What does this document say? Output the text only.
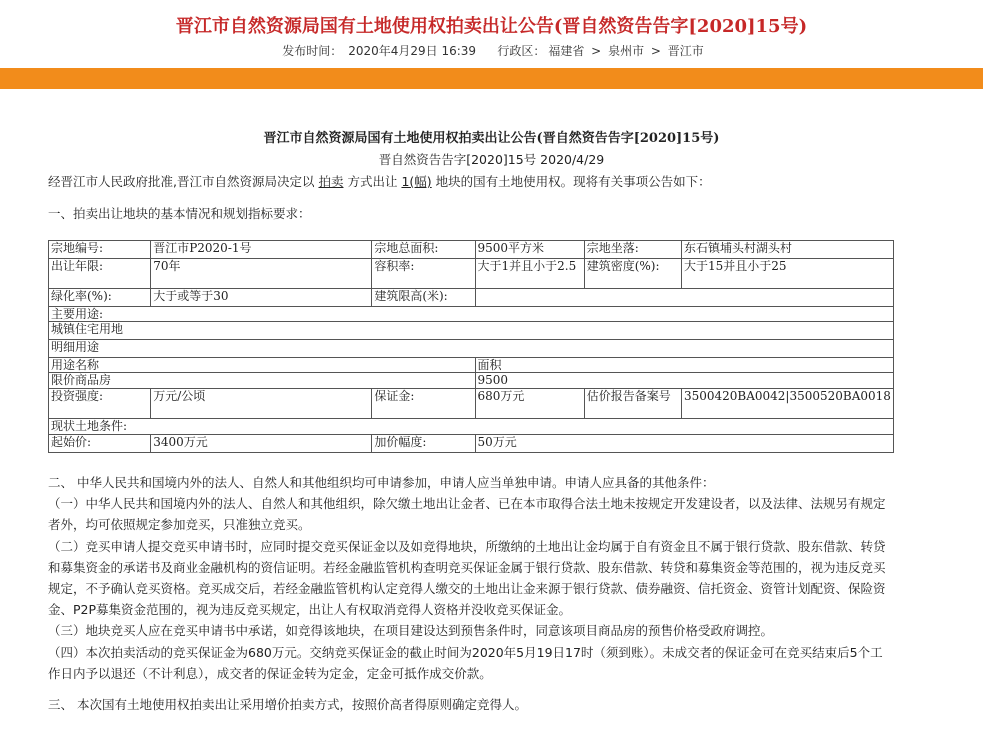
晋江市自然资源局国有土地使用权拍卖出让公告(晋自然资告告字[2020]15号)
发布时间： 2020年4月29日 16:39 行政区： 福建省 > 泉州市 > 晋江市
晋江市自然资源局国有土地使用权拍卖出让公告(晋自然资告告字[2020]15号)
晋自然资告告字[2020]15号 2020/4/29
经晋江市人民政府批准,晋江市自然资源局决定以 拍卖 方式出让 1(幅) 地块的国有土地使用权。现将有关事项公告如下：
一、拍卖出让地块的基本情况和规划指标要求：
宗地编号:	晋江市P2020-1号	宗地总面积:	9500平方米	宗地坐落:	东石镇埔头村湖头村
出让年限:	70年	容积率:	大于1并且小于2.5	建筑密度(%):	大于15并且小于25
绿化率(%):	大于或等于30	建筑限高(米):			
主要用途:					
城镇住宅用地					
明细用途					
用途名称			面积		
限价商品房			9500		
投资强度:	万元/公顷	保证金:	680万元	估价报告备案号	3500420BA0042|3500520BA0018
现状土地条件:					
起始价:	3400万元	加价幅度:	50万元		
二、 中华人民共和国境内外的法人、自然人和其他组织均可申请参加，申请人应当单独申请。申请人应具备的其他条件：
（一）中华人民共和国境内外的法人、自然人和其他组织，除欠缴土地出让金者、已在本市取得合法土地未按规定开发建设者，以及法律、法规另有规定者外，均可依照规定参加竞买，只准独立竞买。
（二）竞买申请人提交竞买申请书时，应同时提交竞买保证金以及如竞得地块，所缴纳的土地出让金均属于自有资金且不属于银行贷款、股东借款、转贷和募集资金的承诺书及商业金融机构的资信证明。若经金融监管机构查明竞买保证金属于银行贷款、股东借款、转贷和募集资金等范围的，视为违反竞买规定，不予确认竞买资格。竞买成交后，若经金融监管机构认定竞得人缴交的土地出让金来源于银行贷款、债券融资、信托资金、资管计划配资、保险资金、P2P募集资金范围的，视为违反竞买规定，出让人有权取消竞得人资格并没收竞买保证金。
（三）地块竞买人应在竞买申请书中承诺，如竞得该地块，在项目建设达到预售条件时，同意该项目商品房的预售价格受政府调控。
（四）本次拍卖活动的竞买保证金为680万元。交纳竞买保证金的截止时间为2020年5月19日17时（须到账）。未成交者的保证金可在竞买结束后5个工作日内予以退还（不计利息），成交者的保证金转为定金，定金可抵作成交价款。
三、 本次国有土地使用权拍卖出让采用增价拍卖方式，按照价高者得原则确定竞得人。
